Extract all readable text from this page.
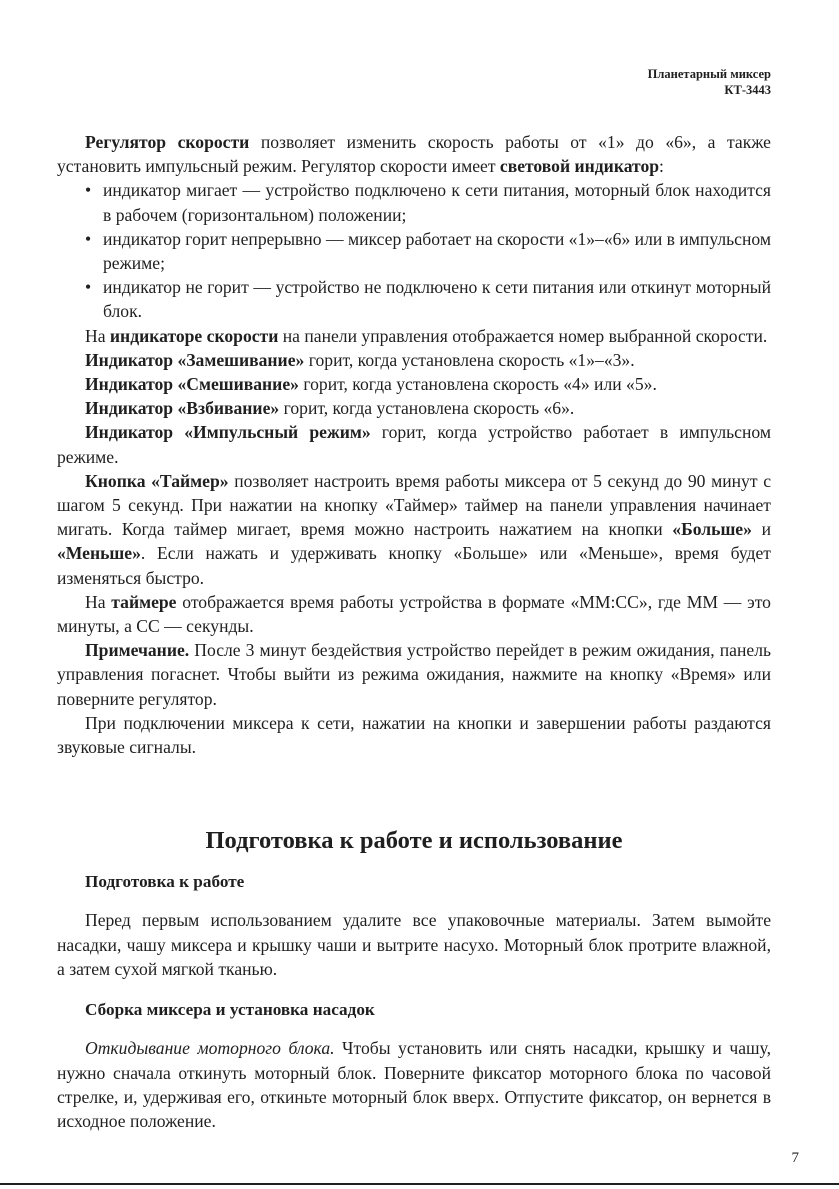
Планетарный миксер
КТ-3443

Регулятор скорости позволяет изменить скорость работы от «1» до «6», а также установить импульсный режим. Регулятор скорости имеет световой индикатор:

• индикатор мигает — устройство подключено к сети питания, моторный блок находится в рабочем (горизонтальном) положении;
• индикатор горит непрерывно — миксер работает на скорости «1»–«6» или в импульсном режиме;
• индикатор не горит — устройство не подключено к сети питания или откинут моторный блок.

На индикаторе скорости на панели управления отображается номер выбранной скорости.

Индикатор «Замешивание» горит, когда установлена скорость «1»–«3».

Индикатор «Смешивание» горит, когда установлена скорость «4» или «5».

Индикатор «Взбивание» горит, когда установлена скорость «6».

Индикатор «Импульсный режим» горит, когда устройство работает в импульсном режиме.

Кнопка «Таймер» позволяет настроить время работы миксера от 5 секунд до 90 минут с шагом 5 секунд. При нажатии на кнопку «Таймер» таймер на панели управления начинает мигать. Когда таймер мигает, время можно настроить нажатием на кнопки «Больше» и «Меньше». Если нажать и удерживать кнопку «Больше» или «Меньше», время будет изменяться быстро.

На таймере отображается время работы устройства в формате «ММ:СС», где ММ — это минуты, а СС — секунды.

Примечание. После 3 минут бездействия устройство перейдет в режим ожидания, панель управления погаснет. Чтобы выйти из режима ожидания, нажмите на кнопку «Время» или поверните регулятор.

При подключении миксера к сети, нажатии на кнопки и завершении работы раздаются звуковые сигналы.

Подготовка к работе и использование
Подготовка к работе

Перед первым использованием удалите все упаковочные материалы. Затем вымойте насадки, чашу миксера и крышку чаши и вытрите насухо. Моторный блок протрите влажной, а затем сухой мягкой тканью.

Сборка миксера и установка насадок

Откидывание моторного блока. Чтобы установить или снять насадки, крышку и чашу, нужно сначала откинуть моторный блок. Поверните фиксатор моторного блока по часовой стрелке, и, удерживая его, откиньте моторный блок вверх. Отпустите фиксатор, он вернется в исходное положение.

7
